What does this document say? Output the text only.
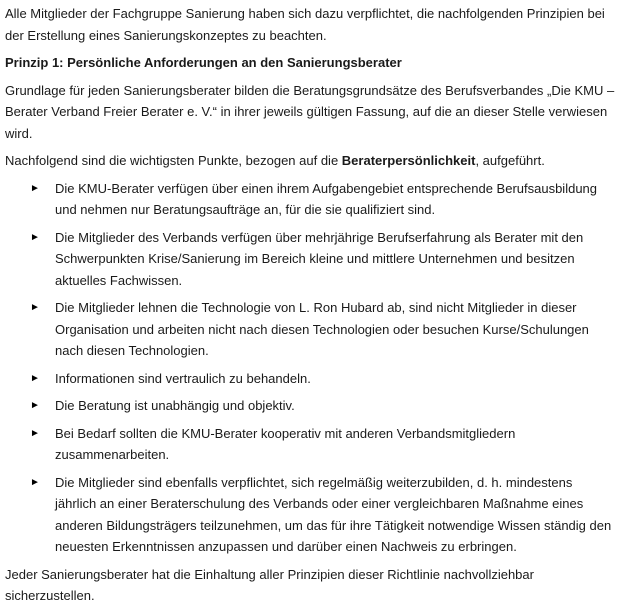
Alle Mitglieder der Fachgruppe Sanierung haben sich dazu verpflichtet, die nachfolgenden Prinzipien bei der Erstellung eines Sanierungskonzeptes zu beachten.

Prinzip 1: Persönliche Anforderungen an den Sanierungsberater

Grundlage für jeden Sanierungsberater bilden die Beratungsgrundsätze des Berufsverbandes „Die KMU – Berater Verband Freier Berater e. V.“ in ihrer jeweils gültigen Fassung, auf die an dieser Stelle verwiesen wird.

Nachfolgend sind die wichtigsten Punkte, bezogen auf die Beraterpersönlichkeit, aufgeführt.

►	Die KMU-Berater verfügen über einen ihrem Aufgabengebiet entsprechende Berufsausbildung und nehmen nur Beratungsaufträge an, für die sie qualifiziert sind.
►	Die Mitglieder des Verbands verfügen über mehrjährige Berufserfahrung als Berater mit den Schwerpunkten Krise/Sanierung im Bereich kleine und mittlere Unternehmen und besitzen aktuelles Fachwissen.
►	Die Mitglieder lehnen die Technologie von L. Ron Hubard ab, sind nicht Mitglieder in dieser Organisation und arbeiten nicht nach diesen Technologien oder besuchen Kurse/Schulungen nach diesen Technologien.
►	Informationen sind vertraulich zu behandeln.
►	Die Beratung ist unabhängig und objektiv.
►	Bei Bedarf sollten die KMU-Berater kooperativ mit anderen Verbandsmitgliedern zusammenarbeiten.
►	Die Mitglieder sind ebenfalls verpflichtet, sich regelmäßig weiterzubilden, d. h. mindestens jährlich an einer Beraterschulung des Verbands oder einer vergleichbaren Maßnahme eines anderen Bildungsträgers teilzunehmen, um das für ihre Tätigkeit notwendige Wissen ständig den neuesten Erkenntnissen anzupassen und darüber einen Nachweis zu erbringen.

Jeder Sanierungsberater hat die Einhaltung aller Prinzipien dieser Richtlinie nachvollziehbar sicherzustellen.
